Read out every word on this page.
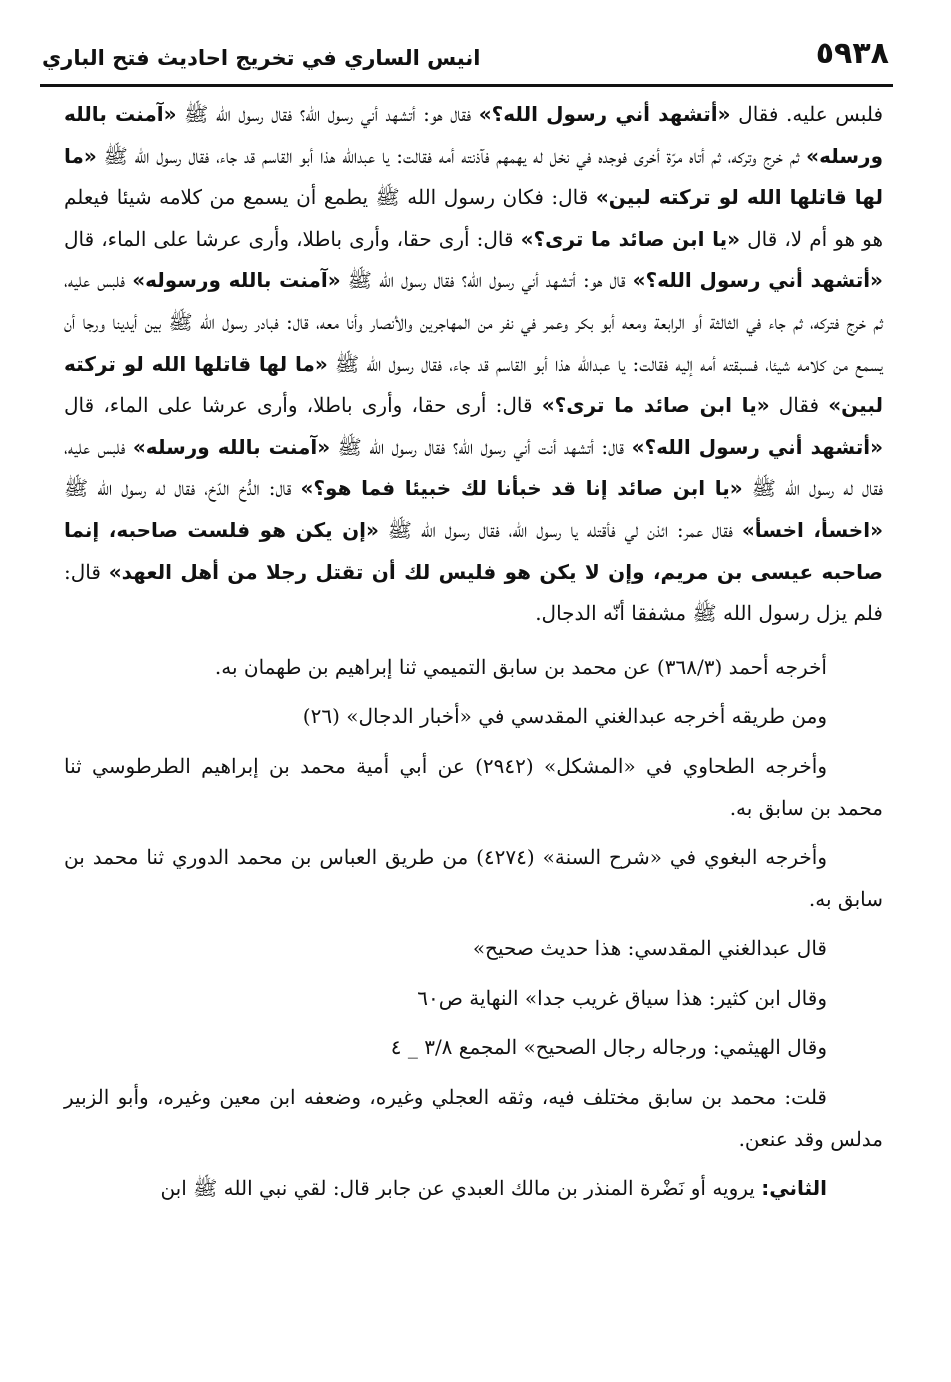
٥٩٣٨
انيس الساري في تخريج احاديث فتح الباري

فلبس عليه. فقال «أتشهد أني رسول الله؟» فقال هو: أتشهد أني رسول الله؟ فقال رسول الله ﷺ «آمنت بالله ورسله» ثم خرج وتركه، ثم أتاه مرّة أخرى فوجده في نخل له يهمهم فآذنته أمه فقالت: يا عبدالله هذا أبو القاسم قد جاء، فقال رسول الله ﷺ «ما لها قاتلها الله لو تركته لبين» قال: فكان رسول الله ﷺ يطمع أن يسمع من كلامه شيئا فيعلم هو هو أم لا، قال «يا ابن صائد ما ترى؟» قال: أرى حقا، وأرى باطلا، وأرى عرشا على الماء، قال «أتشهد أني رسول الله؟» قال هو: أتشهد أني رسول الله؟ فقال رسول الله ﷺ «آمنت بالله ورسوله» فلبس عليه، ثم خرج فتركه، ثم جاء في الثالثة أو الرابعة ومعه أبو بكر وعمر في نفر من المهاجرين والأنصار وأنا معه، قال: فبادر رسول الله ﷺ بين أيدينا ورجا أن يسمع من كلامه شيئا، فسبقته أمه إليه فقالت: يا عبدالله هذا أبو القاسم قد جاء، فقال رسول الله ﷺ «ما لها قاتلها الله لو تركته لبين» فقال «يا ابن صائد ما ترى؟» قال: أرى حقا، وأرى باطلا، وأرى عرشا على الماء، قال «أتشهد أني رسول الله؟» قال: أتشهد أنت أني رسول الله؟ فقال رسول الله ﷺ «آمنت بالله ورسله» فلبس عليه، فقال له رسول الله ﷺ «يا ابن صائد إنا قد خبأنا لك خبيئا فما هو؟» قال: الدُّخ الدّخ، فقال له رسول الله ﷺ «اخسأ، اخسأ» فقال عمر: ائذن لي فأقتله يا رسول الله، فقال رسول الله ﷺ «إن يكن هو فلست صاحبه، إنما صاحبه عيسى بن مريم، وإن لا يكن هو فليس لك أن تقتل رجلا من أهل العهد» قال: فلم يزل رسول الله ﷺ مشفقا أنّه الدجال.

أخرجه أحمد (٣٦٨/٣) عن محمد بن سابق التميمي ثنا إبراهيم بن طهمان به.

ومن طريقه أخرجه عبدالغني المقدسي في «أخبار الدجال» (٢٦)

وأخرجه الطحاوي في «المشكل» (٢٩٤٢) عن أبي أمية محمد بن إبراهيم الطرطوسي ثنا محمد بن سابق به.

وأخرجه البغوي في «شرح السنة» (٤٢٧٤) من طريق العباس بن محمد الدوري ثنا محمد بن سابق به.

قال عبدالغني المقدسي: هذا حديث صحيح»

وقال ابن كثير: هذا سياق غريب جدا» النهاية ص٦٠

وقال الهيثمي: ورجاله رجال الصحيح» المجمع ٣/٨ _ ٤

قلت: محمد بن سابق مختلف فيه، وثقه العجلي وغيره، وضعفه ابن معين وغيره، وأبو الزبير مدلس وقد عنعن.

الثاني: يرويه أو نَضْرة المنذر بن مالك العبدي عن جابر قال: لقي نبي الله ﷺ ابن
